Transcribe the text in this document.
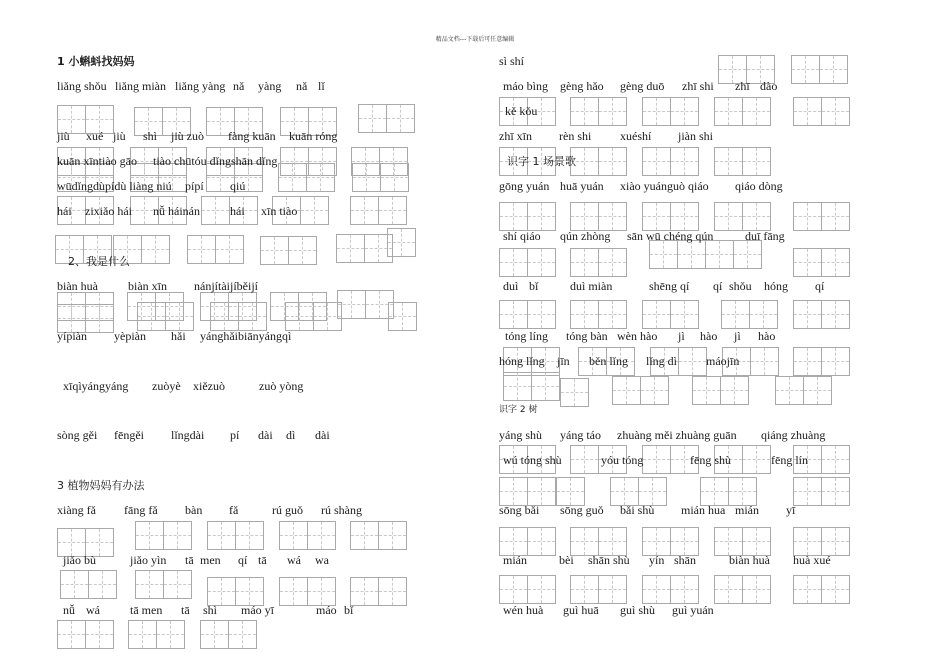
精品文档---下载后可任意编辑
1 小蝌蚪找妈妈
liǎng shǒu liǎng miàn liǎng yàng nǎ yàng nǎ lǐ
jiù xué jiù shì jiù zuò fàng kuān kuān róng
kuān xīntiào gāo tiào chūtóu dǐngshān dǐng
wūdǐngdùpídù liàng niú pípí qiú
hái zixiǎo hái nǚ háinán	hái xīn tiào
2、我是什么
biàn huà	biàn xīn nánjítàijíběijí
yípiàn yèpiàn hǎi yánghǎibiānyángqì
xīqìyángyáng zuòyè xiězuò	zuò yòng
sòng gěi fēngěi lǐngdài pí dài dì dài
3 植物妈妈有办法
xiàng fǎ fāng fǎ bàn fǎ	rú guǒ rú shàng
jiǎo bù	jiǎo yìn tā men qí tā wá wa
nǚ wá	tā men tā shì máo yī	máo bǐ
sì shí
máo bìng gèng hǎo gèng duō zhī shi zhī dào
kě kǒu
zhī xīn rèn shi xuéshí jiàn shi
识字 1 场景歌
gōng yuán huā yuán xiào yuánguò qiáo qiáo dòng
shí qiáo qún zhòng sān wū chéng qún	duī fāng
duì bǐ	duì miàn	shēng qí qí shǒu hóng qí
tóng líng tóng bàn wèn hào jì hào jì hào
hóng lǐng jīn běn lǐng lǐng dì máojīn
识字 2 树
yáng shù yáng táo zhuàng měi zhuàng guān qiáng zhuàng
wú tóng shù	yóu tóng	fēng shù	fēng lín
sōng bǎi sōng guǒ bǎi shù mián hua mián yī
mián	bèi shān shù yín shān	biàn huà huà xué
wén huà guì huā guì shù guì yuán
